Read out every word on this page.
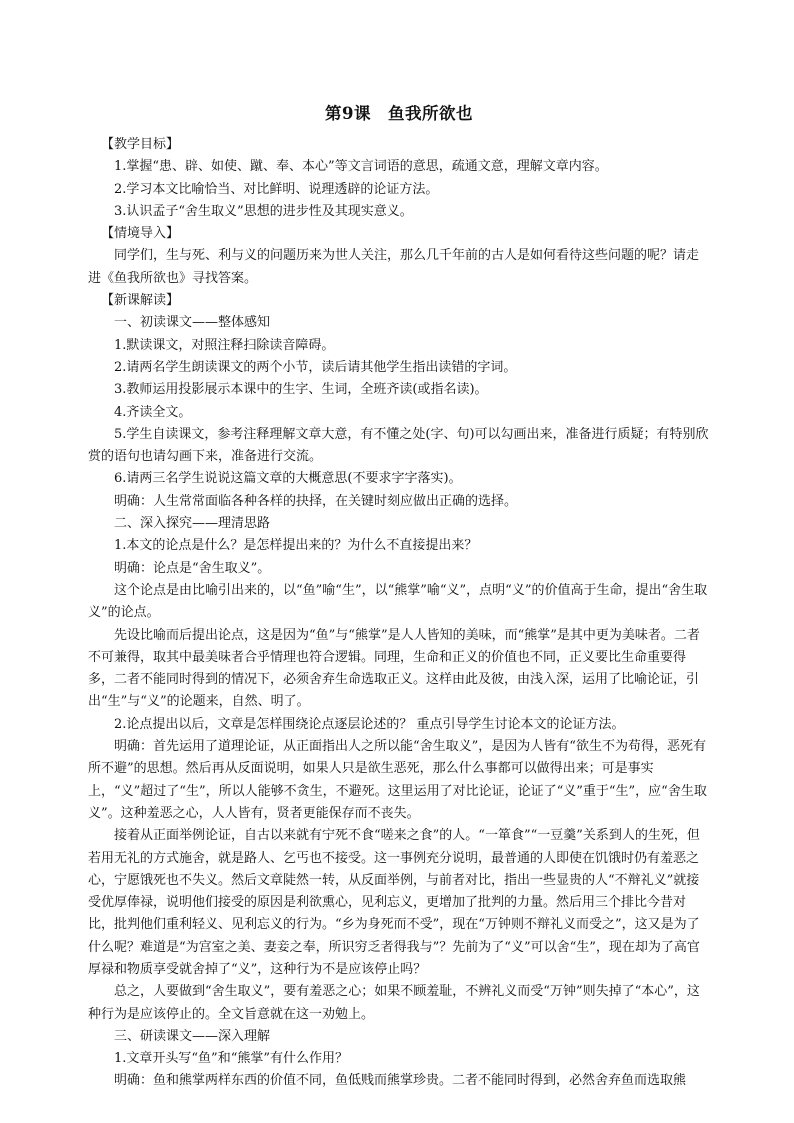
第9课　鱼我所欲也

【教学目标】

1.掌握“患、辟、如使、蹴、奉、本心”等文言词语的意思，疏通文意，理解文章内容。

2.学习本文比喻恰当、对比鲜明、说理透辟的论证方法。

3.认识孟子“舍生取义”思想的进步性及其现实意义。

【情境导入】

同学们，生与死、利与义的问题历来为世人关注，那么几千年前的古人是如何看待这些问题的呢？请走进《鱼我所欲也》寻找答案。

【新课解读】

一、初读课文——整体感知

1.默读课文，对照注释扫除读音障碍。

2.请两名学生朗读课文的两个小节，读后请其他学生指出读错的字词。

3.教师运用投影展示本课中的生字、生词，全班齐读(或指名读)。

4.齐读全文。

5.学生自读课文，参考注释理解文章大意，有不懂之处(字、句)可以勾画出来，准备进行质疑；有特别欣赏的语句也请勾画下来，准备进行交流。

6.请两三名学生说说这篇文章的大概意思(不要求字字落实)。

明确：人生常常面临各种各样的抉择，在关键时刻应做出正确的选择。

二、深入探究——理清思路

1.本文的论点是什么？是怎样提出来的？为什么不直接提出来？

明确：论点是“舍生取义”。

这个论点是由比喻引出来的，以“鱼”喻“生”，以“熊掌”喻“义”，点明“义”的价值高于生命，提出“舍生取义”的论点。

先设比喻而后提出论点，这是因为“鱼”与“熊掌”是人人皆知的美味，而“熊掌”是其中更为美味者。二者不可兼得，取其中最美味者合乎情理也符合逻辑。同理，生命和正义的价值也不同，正义要比生命重要得多，二者不能同时得到的情况下，必须舍弃生命选取正义。这样由此及彼，由浅入深，运用了比喻论证，引出“生”与“义”的论题来，自然、明了。

2.论点提出以后，文章是怎样围绕论点逐层论述的？ 重点引导学生讨论本文的论证方法。

明确：首先运用了道理论证，从正面指出人之所以能“舍生取义”，是因为人皆有“欲生不为苟得，恶死有所不避”的思想。然后再从反面说明，如果人只是欲生恶死，那么什么事都可以做得出来；可是事实上，“义”超过了“生”，所以人能够不贪生，不避死。这里运用了对比论证，论证了“义”重于“生”，应“舍生取义”。这种羞恶之心，人人皆有，贤者更能保存而不丧失。

接着从正面举例论证，自古以来就有宁死不食“嗟来之食”的人。“一箪食”“一豆羹”关系到人的生死，但若用无礼的方式施舍，就是路人、乞丐也不接受。这一事例充分说明，最普通的人即使在饥饿时仍有羞恶之心，宁愿饿死也不失义。然后文章陡然一转，从反面举例，与前者对比，指出一些显贵的人“不辩礼义”就接受优厚俸禄，说明他们接受的原因是利欲熏心，见利忘义，更增加了批判的力量。然后用三个排比今昔对比，批判他们重利轻义、见利忘义的行为。“乡为身死而不受”，现在“万钟则不辩礼义而受之”，这又是为了什么呢？难道是“为宫室之美、妻妾之奉，所识穷乏者得我与”？先前为了“义”可以舍“生”，现在却为了高官厚禄和物质享受就舍掉了“义”，这种行为不是应该停止吗？

总之，人要做到“舍生取义”，要有羞恶之心；如果不顾羞耻，不辨礼义而受“万钟”则失掉了“本心”，这种行为是应该停止的。全文旨意就在这一劝勉上。

三、研读课文——深入理解

1.文章开头写“鱼”和“熊掌”有什么作用？

明确：鱼和熊掌两样东西的价值不同，鱼低贱而熊掌珍贵。二者不能同时得到，必然舍弃鱼而选取熊
